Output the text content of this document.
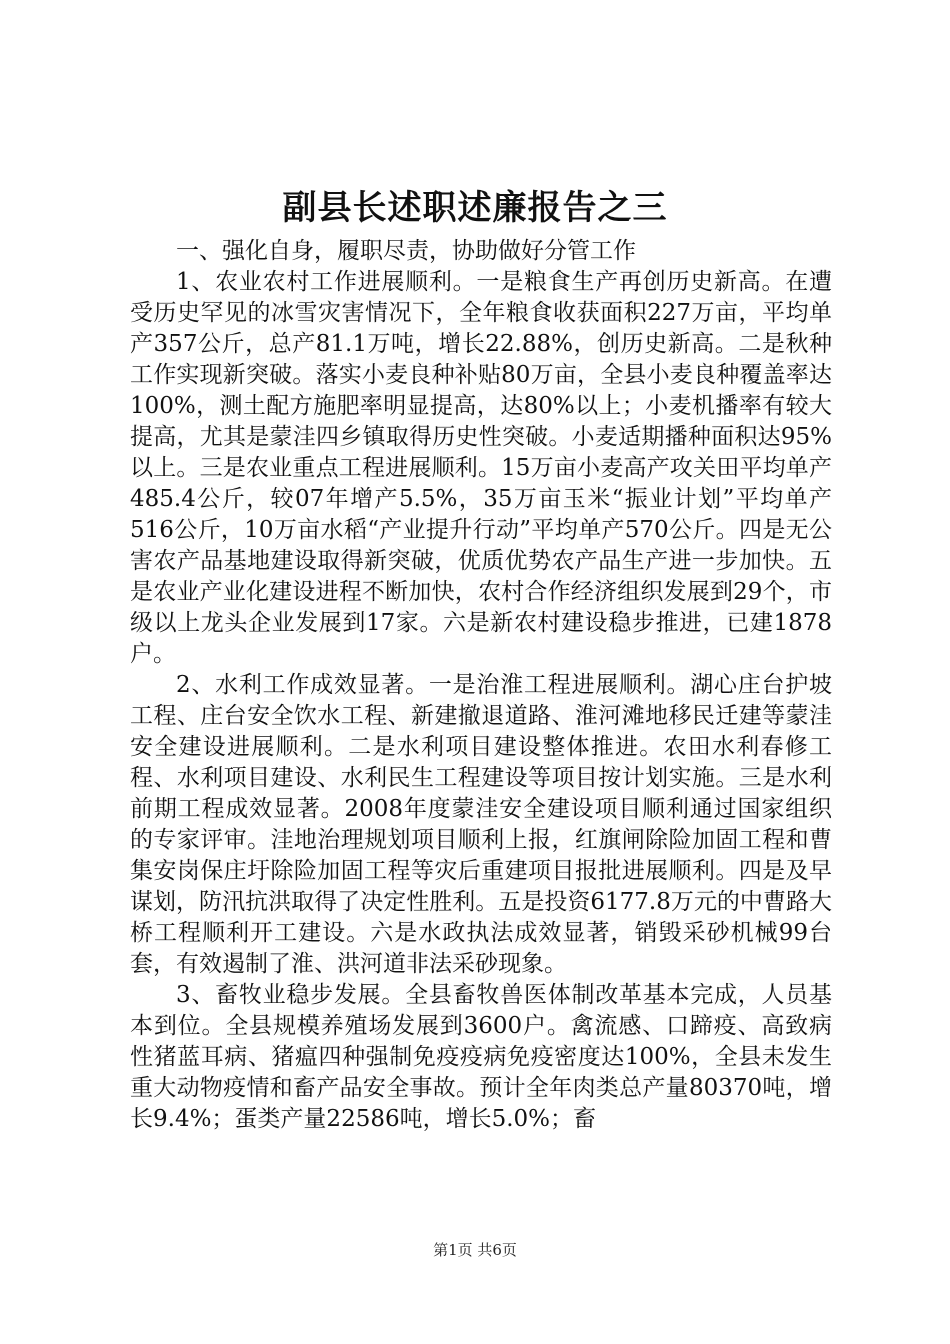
副县长述职述廉报告之三

一、强化自身，履职尽责，协助做好分管工作

1、农业农村工作进展顺利。一是粮食生产再创历史新高。在遭受历史罕见的冰雪灾害情况下，全年粮食收获面积227万亩，平均单产357公斤，总产81.1万吨，增长22.88%，创历史新高。二是秋种工作实现新突破。落实小麦良种补贴80万亩，全县小麦良种覆盖率达100%，测土配方施肥率明显提高，达80%以上；小麦机播率有较大提高，尤其是蒙洼四乡镇取得历史性突破。小麦适期播种面积达95%以上。三是农业重点工程进展顺利。15万亩小麦高产攻关田平均单产485.4公斤，较07年增产5.5%，35万亩玉米“振业计划”平均单产516公斤，10万亩水稻“产业提升行动”平均单产570公斤。四是无公害农产品基地建设取得新突破，优质优势农产品生产进一步加快。五是农业产业化建设进程不断加快，农村合作经济组织发展到29个，市级以上龙头企业发展到17家。六是新农村建设稳步推进，已建1878户。

2、水利工作成效显著。一是治淮工程进展顺利。湖心庄台护坡工程、庄台安全饮水工程、新建撤退道路、淮河滩地移民迁建等蒙洼安全建设进展顺利。二是水利项目建设整体推进。农田水利春修工程、水利项目建设、水利民生工程建设等项目按计划实施。三是水利前期工程成效显著。2008年度蒙洼安全建设项目顺利通过国家组织的专家评审。洼地治理规划项目顺利上报，红旗闸除险加固工程和曹集安岗保庄圩除险加固工程等灾后重建项目报批进展顺利。四是及早谋划，防汛抗洪取得了决定性胜利。五是投资6177.8万元的中曹路大桥工程顺利开工建设。六是水政执法成效显著，销毁采砂机械99台套，有效遏制了淮、洪河道非法采砂现象。

3、畜牧业稳步发展。全县畜牧兽医体制改革基本完成，人员基本到位。全县规模养殖场发展到3600户。禽流感、口蹄疫、高致病性猪蓝耳病、猪瘟四种强制免疫疫病免疫密度达100%，全县未发生重大动物疫情和畜产品安全事故。预计全年肉类总产量80370吨，增长9.4%；蛋类产量22586吨，增长5.0%；畜

第1页 共6页
